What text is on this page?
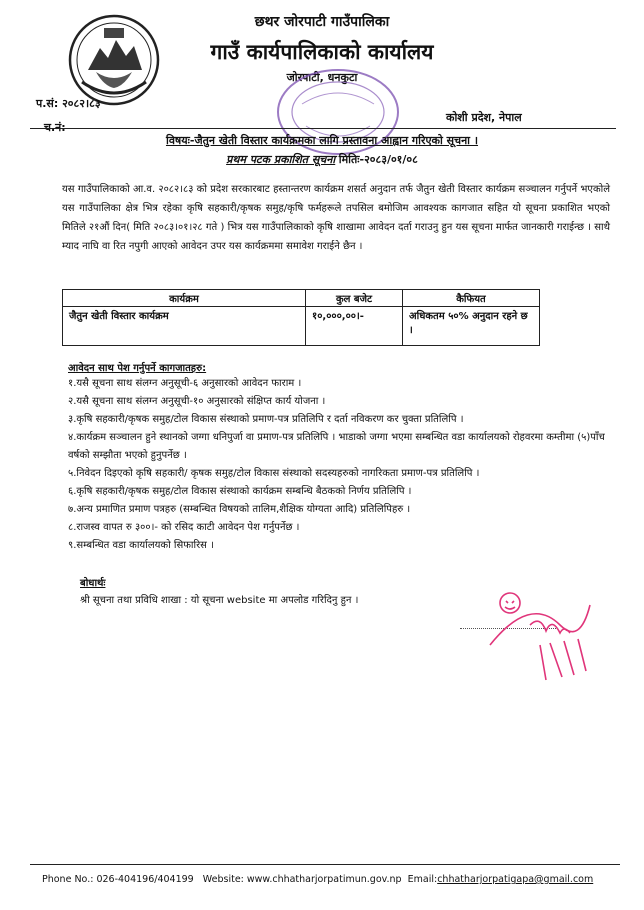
छथर जोरपाटी गाउँपालिका
गाउँ कार्यपालिकाको कार्यालय
जोरपाटी, धनकुटा
प.सं: २०८२।८३
च.नं:
कोशी प्रदेश, नेपाल
विषयः-जैतुन खेती विस्तार कार्यक्रमका लागि प्रस्तावना आह्वान गरिएको सूचना ।
प्रथम पटक प्रकाशित सूचना मितिः-२०८३/०१/०८

यस गाउँपालिकाको आ.व. २०८२।८३ को प्रदेश सरकारबाट हस्तान्तरण कार्यक्रम शसर्त अनुदान तर्फ जैतुन खेती विस्तार कार्यक्रम सञ्चालन गर्नुपर्ने भएकोले यस गाउँपालिका क्षेत्र भित्र रहेका कृषि सहकारी/कृषक समुह/कृषि फर्महरूले तपसिल बमोजिम आवश्यक कागजात सहित यो सूचना प्रकाशित भएको मितिले २१औं दिन( मिति २०८३।०१।२८ गते ) भित्र यस गाउँपालिकाको कृषि शाखामा आवेदन दर्ता गराउनु हुन यस सूचना मार्फत जानकारी गराईन्छ । साथै म्याद नाघि वा रित नपुगी आएको आवेदन उपर यस कार्यक्रममा समावेश गराईने छैन ।

कार्यक्रम	कुल बजेट	कैफियत
जैतुन खेती विस्तार कार्यक्रम	१०,०००,००।-	अधिकतम ५०% अनुदान रहने छ ।
आवेदन साथ पेश गर्नुपर्ने कागजातहरु:
१.यसै सूचना साथ संलग्न अनुसूची-६ अनुसारको आवेदन फाराम ।
२.यसै सूचना साथ संलग्न अनुसूची-१० अनुसारको संक्षिप्त कार्य योजना ।
३.कृषि सहकारी/कृषक समुह/टोल विकास संस्थाको प्रमाण-पत्र प्रतिलिपि र दर्ता नविकरण कर चुक्ता प्रतिलिपि ।
४.कार्यक्रम सञ्चालन हुने स्थानको जग्गा धनिपुर्जा वा प्रमाण-पत्र प्रतिलिपि । भाडाको जग्गा भएमा सम्बन्धित वडा कार्यालयको रोहवरमा कम्तीमा (५)पाँच वर्षको सम्झौता भएको हुनुपर्नेछ ।
५.निवेदन दिइएको कृषि सहकारी/ कृषक समुह/टोल विकास संस्थाको सदस्यहरुको नागरिकता प्रमाण-पत्र प्रतिलिपि ।
६.कृषि सहकारी/कृषक समुह/टोल विकास संस्थाको कार्यक्रम सम्बन्धि बैठकको निर्णय प्रतिलिपि ।
७.अन्य प्रमाणित प्रमाण पत्रहरु (सम्बन्धित विषयको तालिम,शैक्षिक योग्यता आदि) प्रतिलिपिहरु ।
८.राजस्व वापत रु ३००।- को रसिद काटी आवेदन पेश गर्नुपर्नेछ ।
९.सम्बन्धित वडा कार्यालयको सिफारिस ।
बोधार्थः
श्री सूचना तथा प्रविधि शाखा : यो सूचना website मा अपलोड गरिदिनु हुन ।
Phone No.: 026-404196/404199 Website: www.chhatharjorpatimun.gov.np Email:chhatharjorpatigapa@gmail.com
